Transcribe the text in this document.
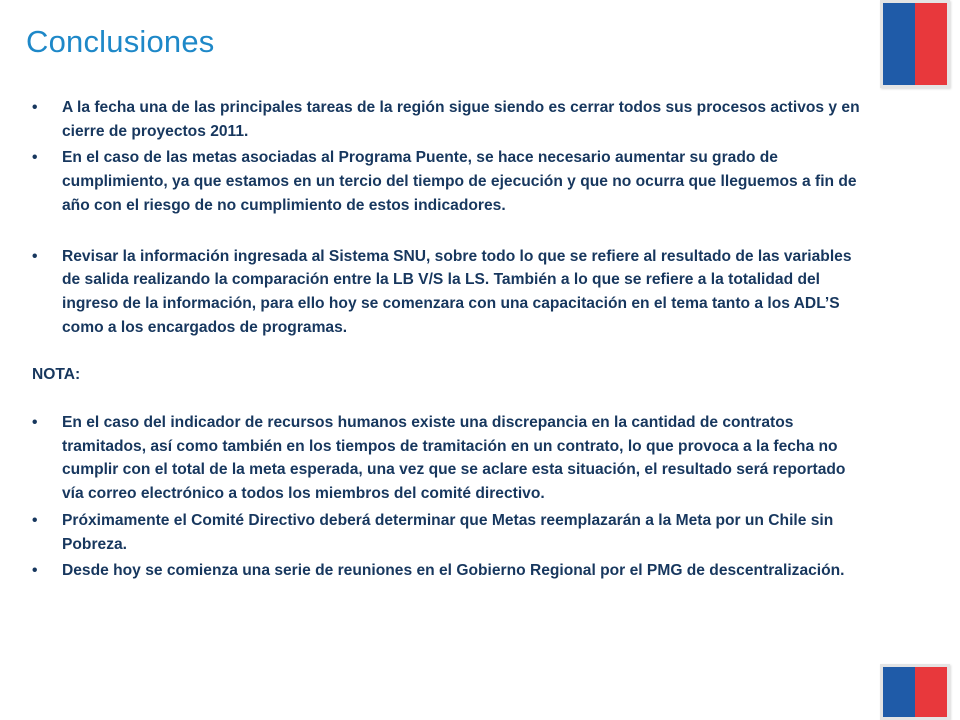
Conclusiones

• A la fecha una de las principales tareas de la región sigue siendo es cerrar todos sus procesos activos y en cierre de proyectos 2011.

• En el caso de las metas asociadas al Programa Puente, se hace necesario aumentar su grado de cumplimiento, ya que estamos en un tercio del tiempo de ejecución y que no ocurra que lleguemos a fin de año con el riesgo de no cumplimiento de estos indicadores.

• Revisar la información ingresada al Sistema SNU, sobre todo lo que se refiere al resultado de las variables de salida realizando la comparación entre la LB V/S la LS. También a lo que se refiere a la totalidad del ingreso de la información, para ello hoy se comenzara con una capacitación en el tema tanto a los ADL’S como a los encargados de programas.

NOTA:

• En el caso del indicador de recursos humanos existe una discrepancia en la cantidad de contratos tramitados, así como también en los tiempos de tramitación en un contrato, lo que provoca a la fecha no cumplir con el total de la meta esperada, una vez que se aclare esta situación, el resultado será reportado vía correo electrónico a todos los miembros del comité directivo.

• Próximamente el Comité Directivo deberá determinar que Metas reemplazarán a la Meta por un Chile sin Pobreza.

• Desde hoy se comienza una serie de reuniones en el Gobierno Regional por el PMG de descentralización.
